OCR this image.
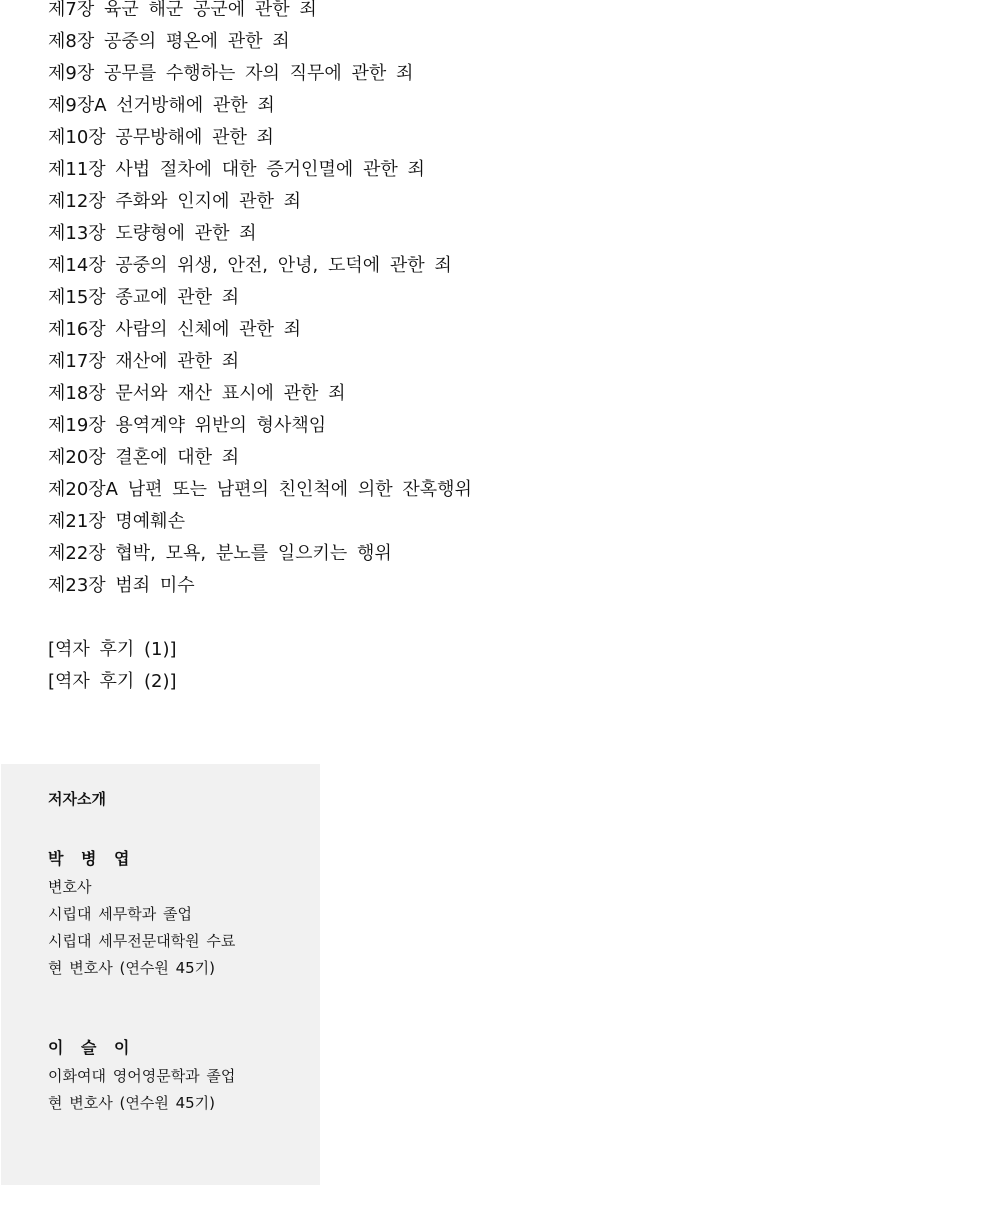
제7장 육군 해군 공군에 관한 죄
제8장 공중의 평온에 관한 죄
제9장 공무를 수행하는 자의 직무에 관한 죄
제9장A 선거방해에 관한 죄
제10장 공무방해에 관한 죄
제11장 사법 절차에 대한 증거인멸에 관한 죄
제12장 주화와 인지에 관한 죄
제13장 도량형에 관한 죄
제14장 공중의 위생, 안전, 안녕, 도덕에 관한 죄
제15장 종교에 관한 죄
제16장 사람의 신체에 관한 죄
제17장 재산에 관한 죄
제18장 문서와 재산 표시에 관한 죄
제19장 용역계약 위반의 형사책임
제20장 결혼에 대한 죄
제20장A 남편 또는 남편의 친인척에 의한 잔혹행위
제21장 명예훼손
제22장 협박, 모욕, 분노를 일으키는 행위
제23장 범죄 미수
[역자 후기 (1)]
[역자 후기 (2)]
저자소개
박 병 엽
변호사
시립대 세무학과 졸업
시립대 세무전문대학원 수료
현 변호사 (연수원 45기)
이 슬 이
이화여대 영어영문학과 졸업
현 변호사 (연수원 45기)
